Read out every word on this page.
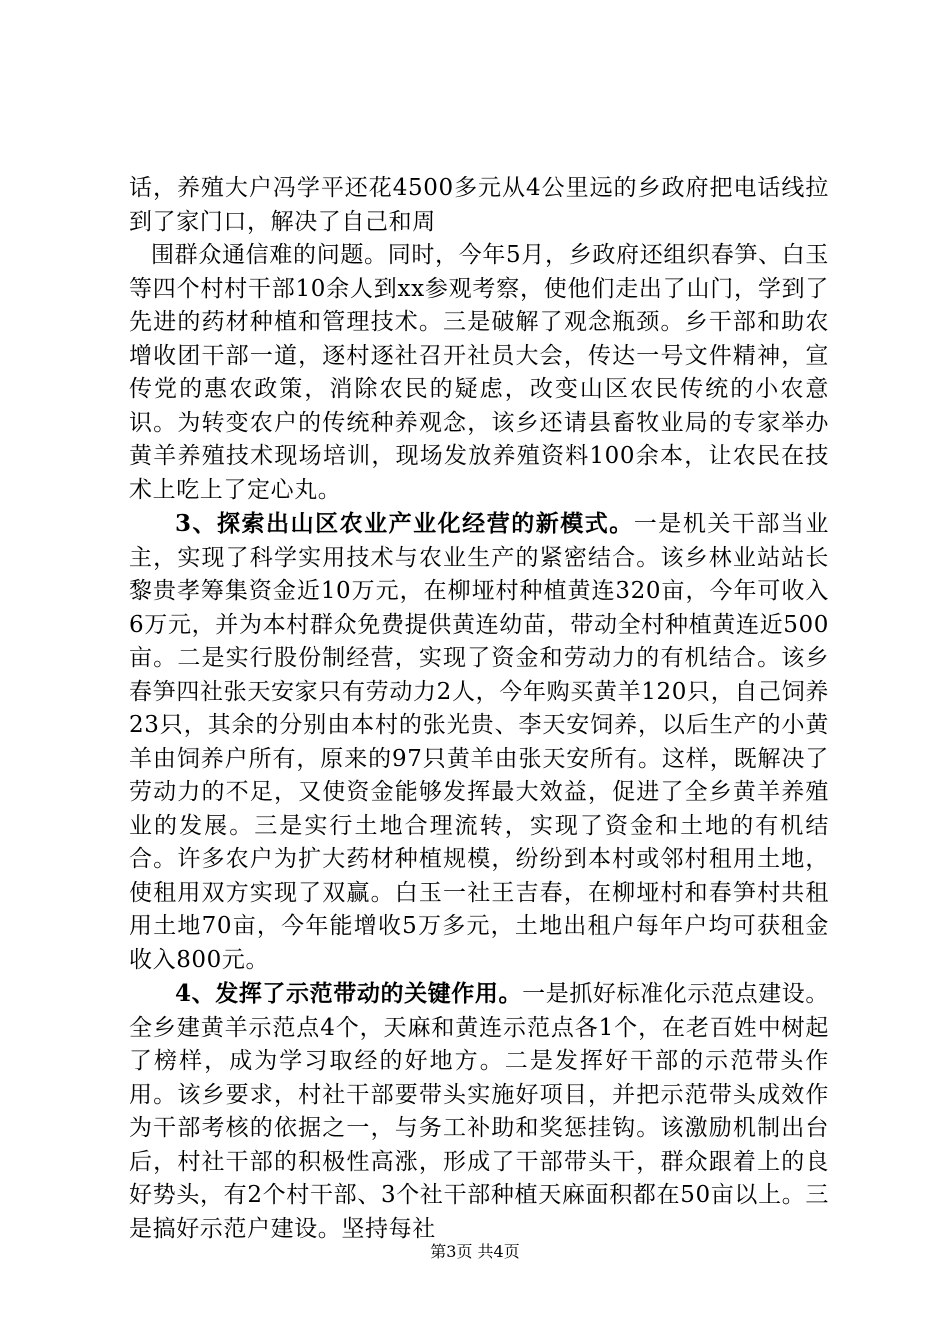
话，养殖大户冯学平还花4500多元从4公里远的乡政府把电话线拉到了家门口，解决了自己和周

围群众通信难的问题。同时，今年5月，乡政府还组织春笋、白玉等四个村村干部10余人到xx参观考察，使他们走出了山门，学到了先进的药材种植和管理技术。三是破解了观念瓶颈。乡干部和助农增收团干部一道，逐村逐社召开社员大会，传达一号文件精神，宣传党的惠农政策，消除农民的疑虑，改变山区农民传统的小农意识。为转变农户的传统种养观念，该乡还请县畜牧业局的专家举办黄羊养殖技术现场培训，现场发放养殖资料100余本，让农民在技术上吃上了定心丸。

3、探索出山区农业产业化经营的新模式。一是机关干部当业主，实现了科学实用技术与农业生产的紧密结合。该乡林业站站长黎贵孝筹集资金近10万元，在柳垭村种植黄连320亩，今年可收入6万元，并为本村群众免费提供黄连幼苗，带动全村种植黄连近500亩。二是实行股份制经营，实现了资金和劳动力的有机结合。该乡春笋四社张天安家只有劳动力2人，今年购买黄羊120只，自己饲养23只，其余的分别由本村的张光贵、李天安饲养，以后生产的小黄羊由饲养户所有，原来的97只黄羊由张天安所有。这样，既解决了劳动力的不足，又使资金能够发挥最大效益，促进了全乡黄羊养殖业的发展。三是实行土地合理流转，实现了资金和土地的有机结合。许多农户为扩大药材种植规模，纷纷到本村或邻村租用土地，使租用双方实现了双赢。白玉一社王吉春，在柳垭村和春笋村共租用土地70亩，今年能增收5万多元，土地出租户每年户均可获租金收入800元。

4、发挥了示范带动的关键作用。一是抓好标准化示范点建设。全乡建黄羊示范点4个，天麻和黄连示范点各1个，在老百姓中树起了榜样，成为学习取经的好地方。二是发挥好干部的示范带头作用。该乡要求，村社干部要带头实施好项目，并把示范带头成效作为干部考核的依据之一，与务工补助和奖惩挂钩。该激励机制出台后，村社干部的积极性高涨，形成了干部带头干，群众跟着上的良好势头，有2个村干部、3个社干部种植天麻面积都在50亩以上。三是搞好示范户建设。坚持每社

第3页 共4页
